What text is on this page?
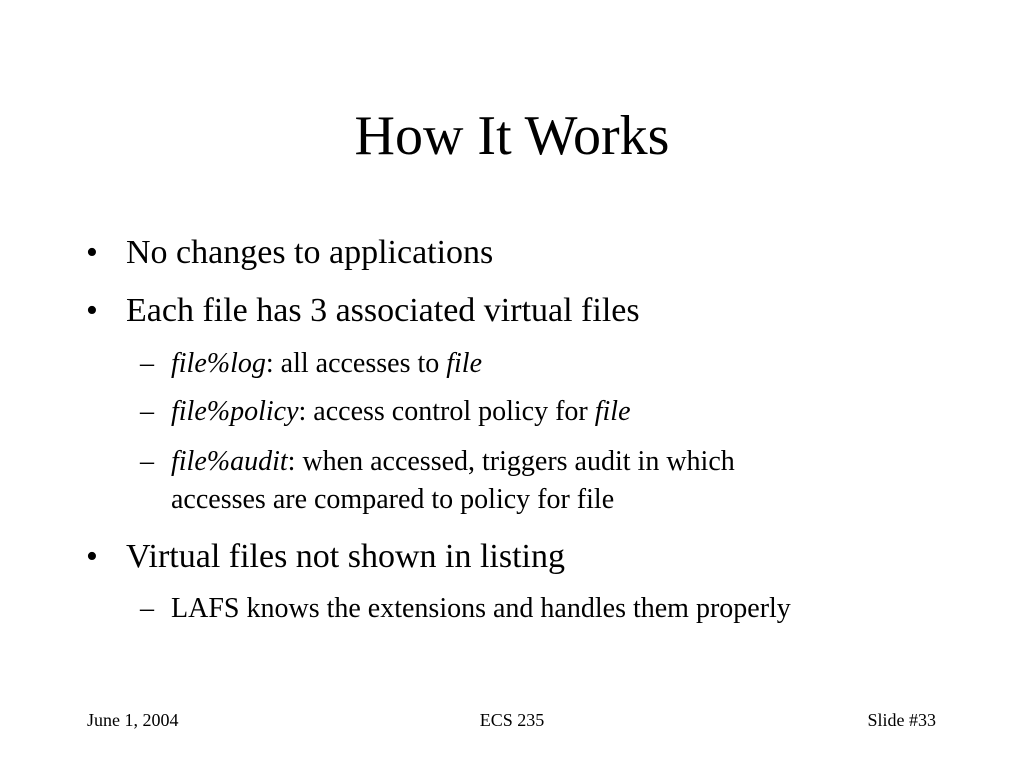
How It Works
• No changes to applications
• Each file has 3 associated virtual files
– file%log: all accesses to file
– file%policy: access control policy for file
– file%audit: when accessed, triggers audit in which
accesses are compared to policy for file
• Virtual files not shown in listing
– LAFS knows the extensions and handles them properly
June 1, 2004	ECS 235	Slide #33
